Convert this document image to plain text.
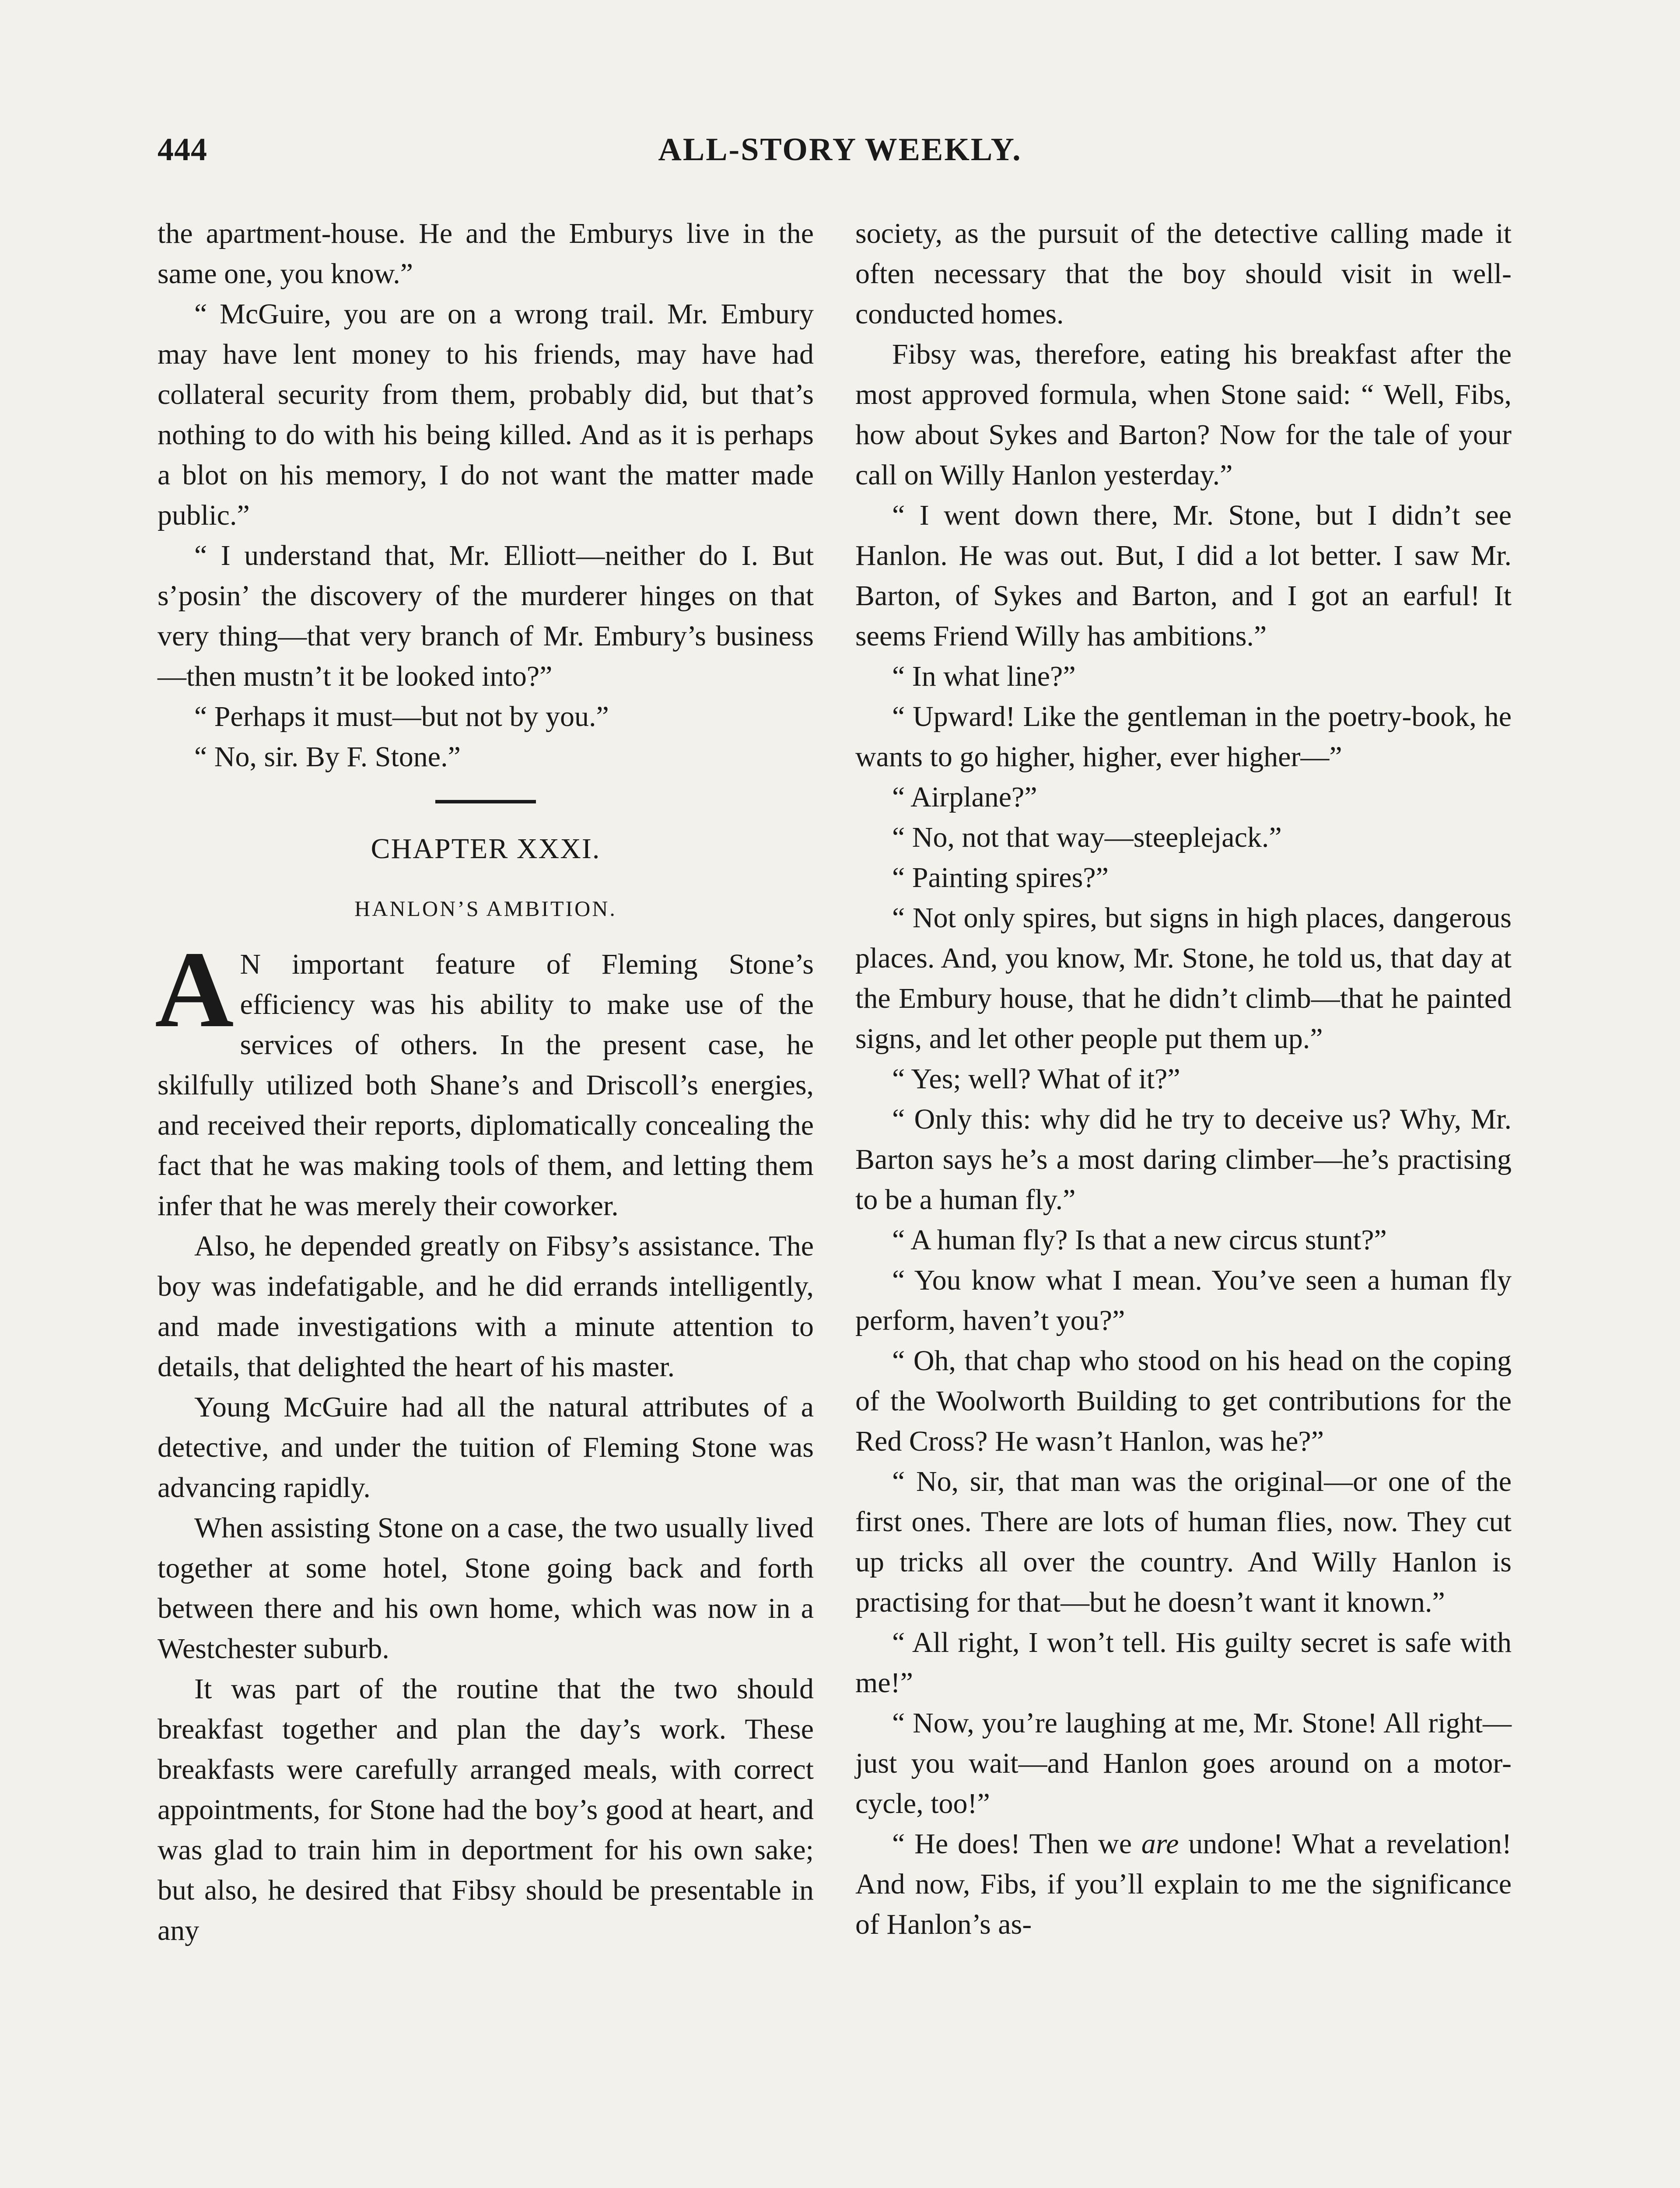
444	ALL-STORY WEEKLY.

the apartment-house. He and the Emburys live in the same one, you know.”

“ McGuire, you are on a wrong trail. Mr. Embury may have lent money to his friends, may have had collateral security from them, probably did, but that’s nothing to do with his being killed. And as it is perhaps a blot on his memory, I do not want the matter made public.”

“ I understand that, Mr. Elliott—neither do I. But s’posin’ the discovery of the murderer hinges on that very thing—that very branch of Mr. Embury’s business—then mustn’t it be looked into?”

“ Perhaps it must—but not by you.”

“ No, sir. By F. Stone.”

CHAPTER XXXI.
HANLON’S AMBITION.

AN important feature of Fleming Stone’s efficiency was his ability to make use of the services of others. In the present case, he skilfully utilized both Shane’s and Driscoll’s energies, and received their reports, diplomatically concealing the fact that he was making tools of them, and letting them infer that he was merely their coworker.

Also, he depended greatly on Fibsy’s assistance. The boy was indefatigable, and he did errands intelligently, and made investigations with a minute attention to details, that delighted the heart of his master.

Young McGuire had all the natural attributes of a detective, and under the tuition of Fleming Stone was advancing rapidly.

When assisting Stone on a case, the two usually lived together at some hotel, Stone going back and forth between there and his own home, which was now in a Westchester suburb.

It was part of the routine that the two should breakfast together and plan the day’s work. These breakfasts were carefully arranged meals, with correct appointments, for Stone had the boy’s good at heart, and was glad to train him in deportment for his own sake; but also, he desired that Fibsy should be presentable in any

society, as the pursuit of the detective calling made it often necessary that the boy should visit in well-conducted homes.

Fibsy was, therefore, eating his breakfast after the most approved formula, when Stone said: “ Well, Fibs, how about Sykes and Barton? Now for the tale of your call on Willy Hanlon yesterday.”

“ I went down there, Mr. Stone, but I didn’t see Hanlon. He was out. But, I did a lot better. I saw Mr. Barton, of Sykes and Barton, and I got an earful! It seems Friend Willy has ambitions.”

“ In what line?”

“ Upward! Like the gentleman in the poetry-book, he wants to go higher, higher, ever higher—”

“ Airplane?”

“ No, not that way—steeplejack.”

“ Painting spires?”

“ Not only spires, but signs in high places, dangerous places. And, you know, Mr. Stone, he told us, that day at the Embury house, that he didn’t climb—that he painted signs, and let other people put them up.”

“ Yes; well? What of it?”

“ Only this: why did he try to deceive us? Why, Mr. Barton says he’s a most daring climber—he’s practising to be a human fly.”

“ A human fly? Is that a new circus stunt?”

“ You know what I mean. You’ve seen a human fly perform, haven’t you?”

“ Oh, that chap who stood on his head on the coping of the Woolworth Building to get contributions for the Red Cross? He wasn’t Hanlon, was he?”

“ No, sir, that man was the original—or one of the first ones. There are lots of human flies, now. They cut up tricks all over the country. And Willy Hanlon is practising for that—but he doesn’t want it known.”

“ All right, I won’t tell. His guilty secret is safe with me!”

“ Now, you’re laughing at me, Mr. Stone! All right—just you wait—and Hanlon goes around on a motor-cycle, too!”

“ He does! Then we are undone! What a revelation! And now, Fibs, if you’ll explain to me the significance of Hanlon’s as-
